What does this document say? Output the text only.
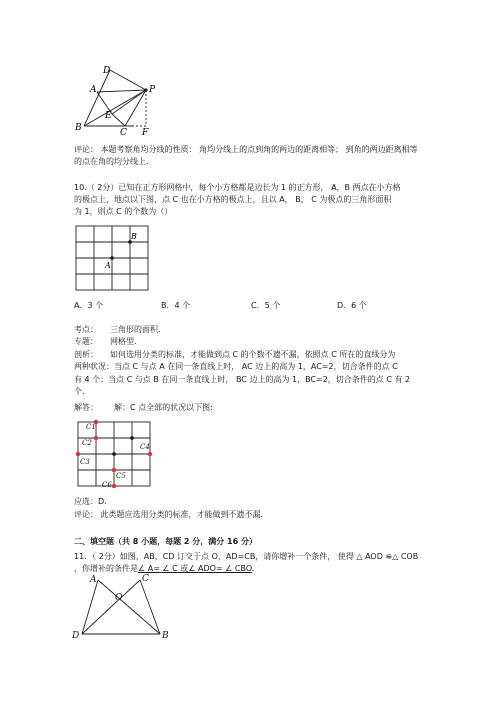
D
A	P
E
B	C F
评论： 本题考察角均分线的性质： 角均分线上的点到角的两边的距离相等； 到角的两边距离相等
的点在角的均分线上.
10.（ 2分）已知在正方形网格中，每个小方格都是边长为 1 的正方形， A，B 两点在小方格
的极点上，地点以下图，点 C 也在小方格的极点上，且以 A， B， C 为极点的三角形面积
为 1，则点 C 的个数为（）
A
B
A．3 个	B．4 个	C．5 个	D．6 个
考点： 三角形的面积.
专题： 网格型.
剖析： 如何选用分类的标准，才能做到点 C 的个数不遗不漏，依照点 C 所在的直线分为
两种状况：当点 C 与点 A 在同一条直线上时， AC 边上的高为 1，AC=2，切合条件的点 C
有 4 个；当点 C 与点 B 在同一条直线上时， BC 边上的高为 1，BC=2，切合条件的点 C 有 2
个.
解答： 解：C 点全部的状况以下图:
C1
C2
C3
C4
C5
C6
应选：D．
评论： 此类题应选用分类的标准，才能做到不遗不漏.
二、填空题（共 8 小题，每题 2 分，满分 16 分）
11．（ 2分）如图，AB，CD 订交于点 O，AD=CB，请你增补一个条件， 使得 △ AOD ≌△ COB
，你增补的条件是∠ A= ∠ C 或∠ ADO= ∠ CBO.
A	C
O
D	B
